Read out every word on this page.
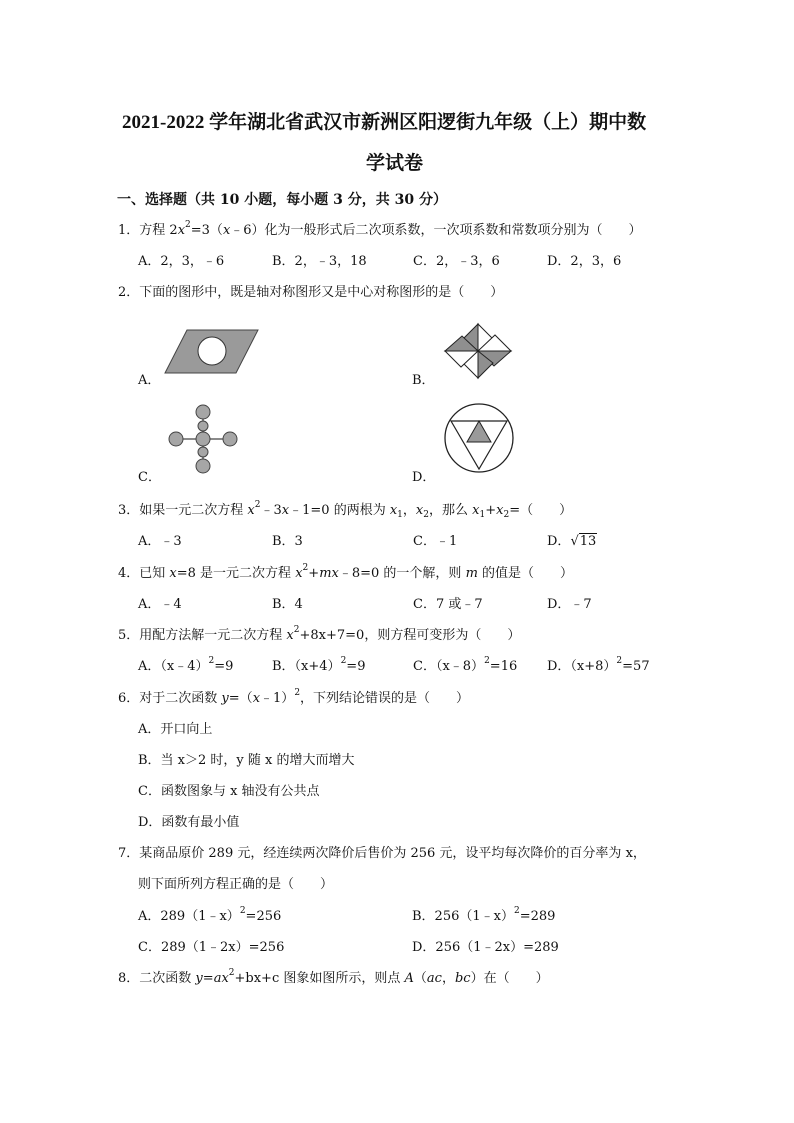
2021-2022 学年湖北省武汉市新洲区阳逻街九年级（上）期中数
学试卷
一、选择题（共 10 小题，每小题 3 分，共 30 分）
1．方程 $2x^2=3(x﹣6)$化为一般形式后二次项系数，一次项系数和常数项分别为（　　）
A．2，3，﹣6	B．2，﹣3，18	C．2，﹣3，6	D．2，3，6
2．下面的图形中，既是轴对称图形又是中心对称图形的是（　　）
A．	B．
C．	D．
3．如果一元二次方程 $x^2﹣3x﹣1=0$ 的两根为 $x_1$，$x_2$，那么 $x_1+x_2=$（　　）
A．﹣3	B．3	C．﹣1	D．√13
4．已知 x=8 是一元二次方程 $x^2+mx﹣8=0$ 的一个解，则 m 的值是（　　）
A．﹣4	B．4	C．7 或﹣7	D．﹣7
5．用配方法解一元二次方程 $x^2+8x+7=0$，则方程可变形为（　　）
A．（x﹣4）$^2$=9	B．$(x+4)^2=9$	C．（x﹣8）$^2$=16 D．$(x+8)^2=57$
6．对于二次函数 y=（x﹣1）$^2$，下列结论错误的是（　　）
A．开口向上
B．当 x＞2 时，y 随 x 的增大而增大
C．函数图象与 x 轴没有公共点
D．函数有最小值
7．某商品原价 289 元，经连续两次降价后售价为 256 元，设平均每次降价的百分率为 x，
则下面所列方程正确的是（　　）
A．289（1﹣x）$^2$=256	B．256（1﹣x）$^2$=289
C．289（1﹣2x）=256	D．256（1﹣2x）=289
8．二次函数 $y=ax^2+bx+c$ 图象如图所示，则点 A（ac，bc）在（　　）
